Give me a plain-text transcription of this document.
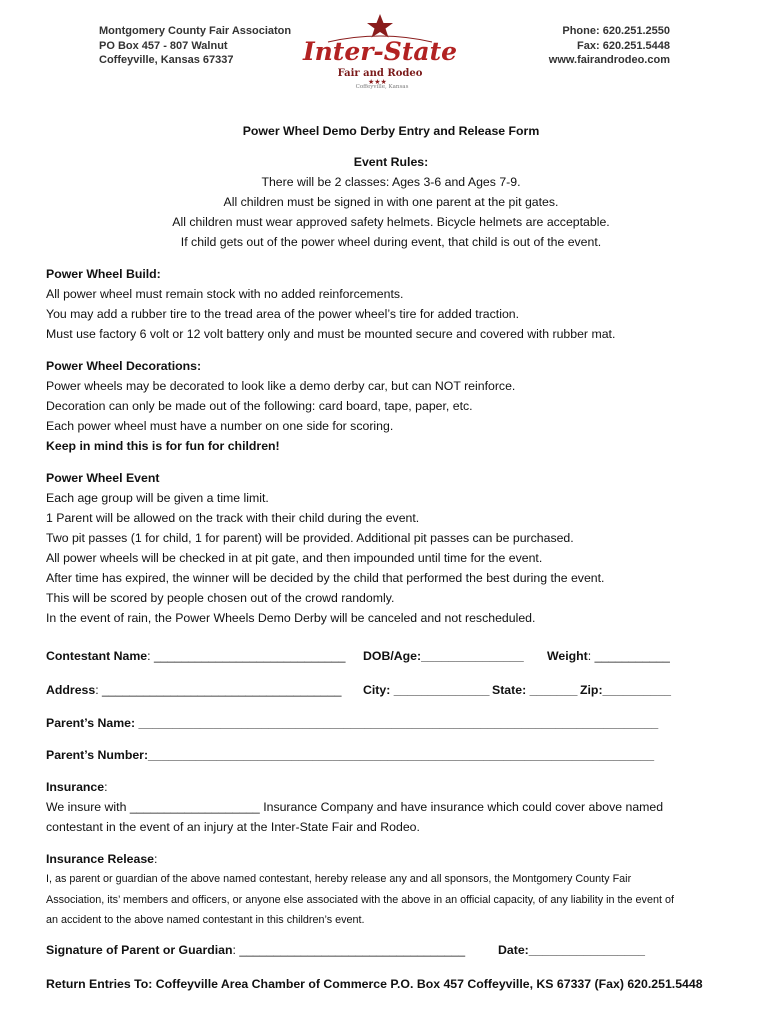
Montgomery County Fair Associaton
PO Box 457 - 807 Walnut
Coffeyville, Kansas 67337	Inter-State
Fair and Rodeo
Coffeyville, Kansas
★★★
Phone: 620.251.2550
Fax: 620.251.5448
www.fairandrodeo.com
Power Wheel Demo Derby Entry and Release Form
Event Rules:
There will be 2 classes: Ages 3-6 and Ages 7-9.
All children must be signed in with one parent at the pit gates.
All children must wear approved safety helmets. Bicycle helmets are acceptable.
If child gets out of the power wheel during event, that child is out of the event.
Power Wheel Build:
All power wheel must remain stock with no added reinforcements.
You may add a rubber tire to the tread area of the power wheel’s tire for added traction.
Must use factory 6 volt or 12 volt battery only and must be mounted secure and covered with rubber mat.
Power Wheel Decorations:
Power wheels may be decorated to look like a demo derby car, but can NOT reinforce.
Decoration can only be made out of the following: card board, tape, paper, etc.
Each power wheel must have a number on one side for scoring.
Keep in mind this is for fun for children!
Power Wheel Event
Each age group will be given a time limit.
1 Parent will be allowed on the track with their child during the event.
Two pit passes (1 for child, 1 for parent) will be provided. Additional pit passes can be purchased.
All power wheels will be checked in at pit gate, and then impounded until time for the event.
After time has expired, the winner will be decided by the child that performed the best during the event.
This will be scored by people chosen out of the crowd randomly.
In the event of rain, the Power Wheels Demo Derby will be canceled and not rescheduled.
Contestant Name: ____________________________ DOB/Age:_______________ Weight: ___________
Address: ___________________________________ City: ______________ State: _______ Zip:__________
Parent’s Name: ____________________________________________________________________________
Parent’s Number:__________________________________________________________________________
Insurance:
We insure with ___________________ Insurance Company and have insurance which could cover above named
contestant in the event of an injury at the Inter-State Fair and Rodeo.
Insurance Release:
I, as parent or guardian of the above named contestant, hereby release any and all sponsors, the Montgomery County Fair
Association, its’ members and officers, or anyone else associated with the above in an official capacity, of any liability in the event of
an accident to the above named contestant in this children’s event.
Signature of Parent or Guardian: _________________________________	Date:_________________
Return Entries To: Coffeyville Area Chamber of Commerce P.O. Box 457 Coffeyville, KS 67337 (Fax) 620.251.5448
